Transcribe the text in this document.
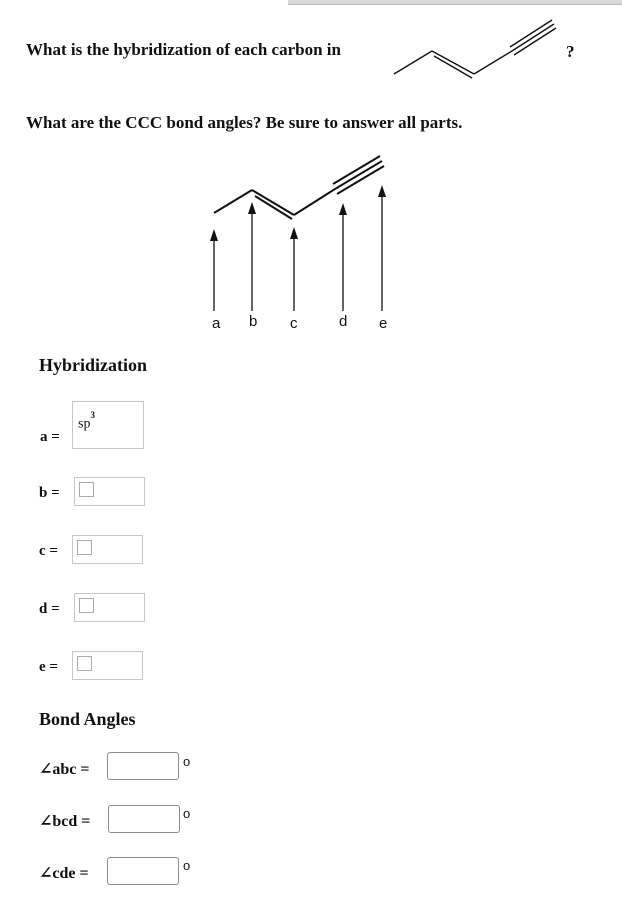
What is the hybridization of each carbon in	?
What are the CCC bond angles? Be sure to answer all parts.
a b c	d e
Hybridization
a =
$sp^3$
b =
c =
d =
e =
Bond Angles
∠abc =	o
∠bcd =	o
∠cde =	o
